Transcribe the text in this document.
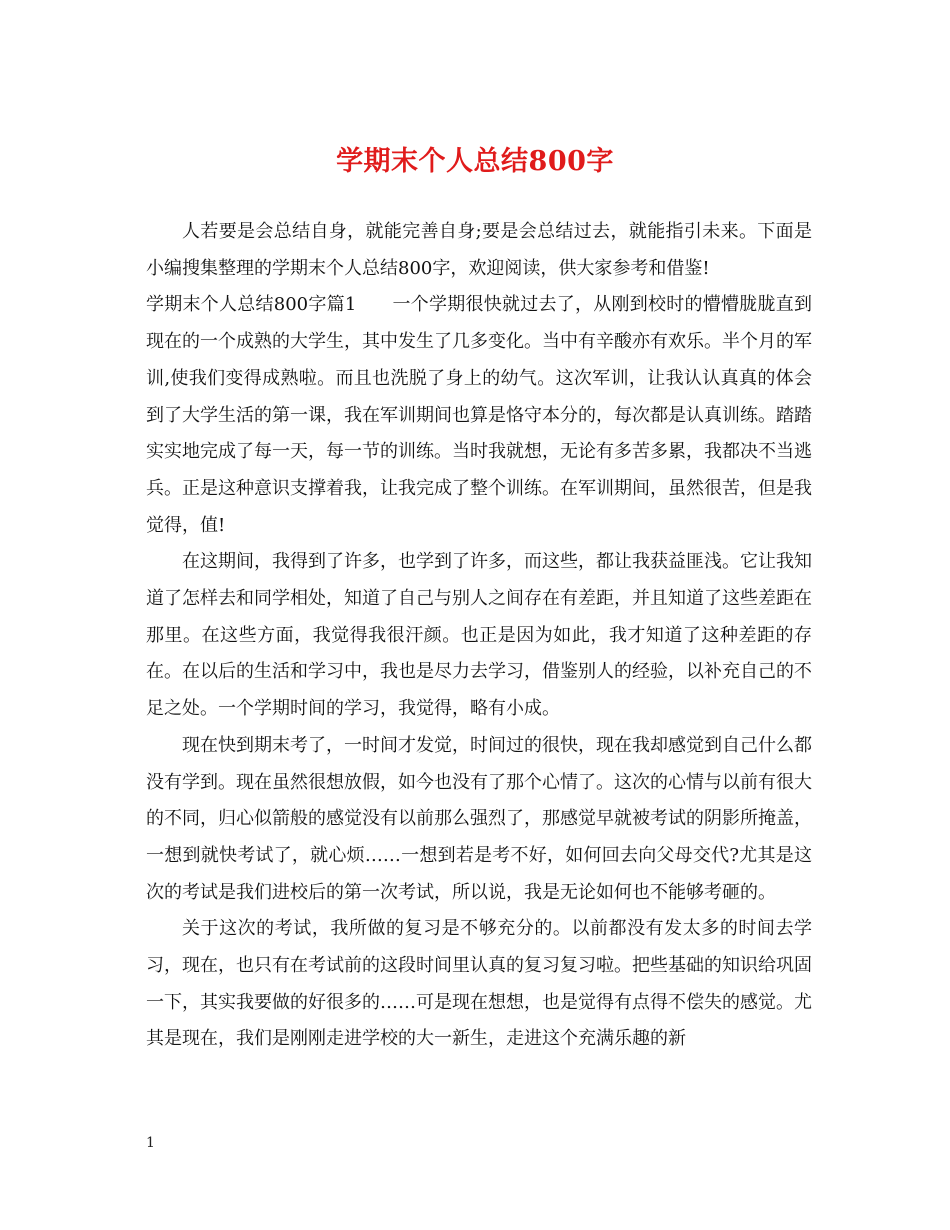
学期末个人总结800字

人若要是会总结自身，就能完善自身;要是会总结过去，就能指引未来。下面是小编搜集整理的学期末个人总结800字，欢迎阅读，供大家参考和借鉴!

学期末个人总结800字篇1 一个学期很快就过去了，从刚到校时的懵懵胧胧直到现在的一个成熟的大学生，其中发生了几多变化。当中有辛酸亦有欢乐。半个月的军训,使我们变得成熟啦。而且也洗脱了身上的幼气。这次军训，让我认认真真的体会到了大学生活的第一课，我在军训期间也算是恪守本分的，每次都是认真训练。踏踏实实地完成了每一天，每一节的训练。当时我就想，无论有多苦多累，我都决不当逃兵。正是这种意识支撑着我，让我完成了整个训练。在军训期间，虽然很苦，但是我觉得，值!

在这期间，我得到了许多，也学到了许多，而这些，都让我获益匪浅。它让我知道了怎样去和同学相处，知道了自己与别人之间存在有差距，并且知道了这些差距在那里。在这些方面，我觉得我很汗颜。也正是因为如此，我才知道了这种差距的存在。在以后的生活和学习中，我也是尽力去学习，借鉴别人的经验，以补充自己的不足之处。一个学期时间的学习，我觉得，略有小成。

现在快到期末考了，一时间才发觉，时间过的很快，现在我却感觉到自己什么都没有学到。现在虽然很想放假，如今也没有了那个心情了。这次的心情与以前有很大的不同，归心似箭般的感觉没有以前那么强烈了，那感觉早就被考试的阴影所掩盖，一想到就快考试了，就心烦……一想到若是考不好，如何回去向父母交代?尤其是这次的考试是我们进校后的第一次考试，所以说，我是无论如何也不能够考砸的。

关于这次的考试，我所做的复习是不够充分的。以前都没有发太多的时间去学习，现在，也只有在考试前的这段时间里认真的复习复习啦。把些基础的知识给巩固一下，其实我要做的好很多的……可是现在想想，也是觉得有点得不偿失的感觉。尤其是现在，我们是刚刚走进学校的大一新生，走进这个充满乐趣的新

1
